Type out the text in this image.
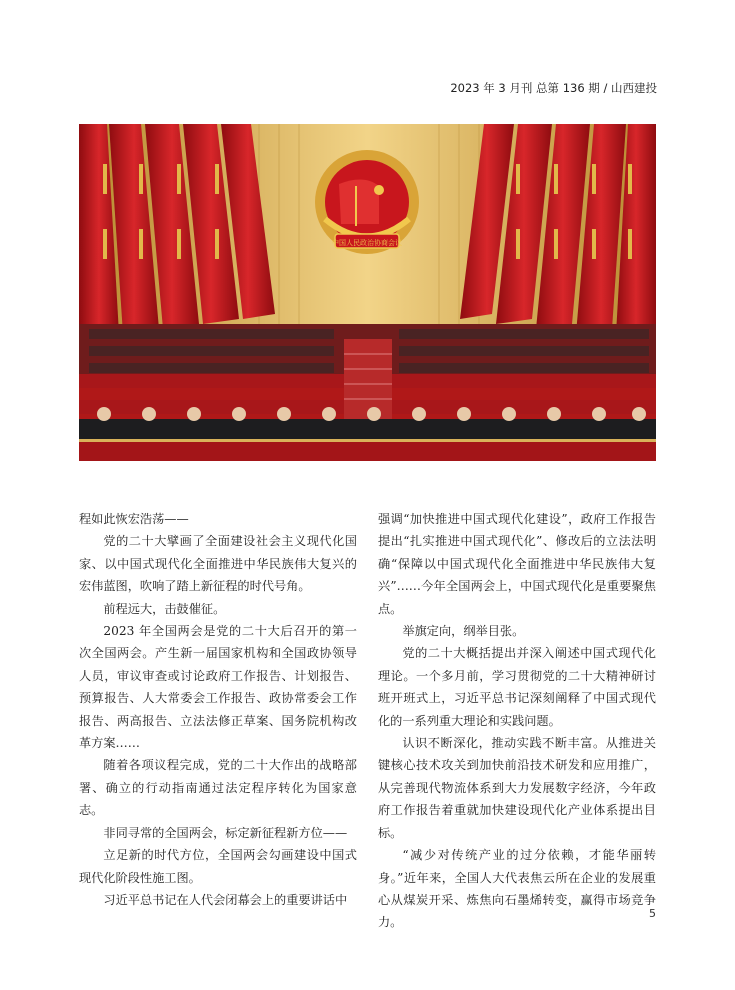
2023 年 3 月刊 总第 136 期 / 山西建投
中国人民政治协商会议

程如此恢宏浩荡——

党的二十大擘画了全面建设社会主义现代化国家、以中国式现代化全面推进中华民族伟大复兴的宏伟蓝图，吹响了踏上新征程的时代号角。

前程远大，击鼓催征。

2023 年全国两会是党的二十大后召开的第一次全国两会。产生新一届国家机构和全国政协领导人员，审议审查或讨论政府工作报告、计划报告、预算报告、人大常委会工作报告、政协常委会工作报告、两高报告、立法法修正草案、国务院机构改革方案……

随着各项议程完成，党的二十大作出的战略部署、确立的行动指南通过法定程序转化为国家意志。

非同寻常的全国两会，标定新征程新方位——

立足新的时代方位，全国两会勾画建设中国式现代化阶段性施工图。

习近平总书记在人代会闭幕会上的重要讲话中

强调“加快推进中国式现代化建设”，政府工作报告提出“扎实推进中国式现代化”、修改后的立法法明确“保障以中国式现代化全面推进中华民族伟大复兴”……今年全国两会上，中国式现代化是重要聚焦点。

举旗定向，纲举目张。

党的二十大概括提出并深入阐述中国式现代化理论。一个多月前，学习贯彻党的二十大精神研讨班开班式上，习近平总书记深刻阐释了中国式现代化的一系列重大理论和实践问题。

认识不断深化，推动实践不断丰富。从推进关键核心技术攻关到加快前沿技术研发和应用推广，从完善现代物流体系到大力发展数字经济，今年政府工作报告着重就加快建设现代化产业体系提出目标。

“减少对传统产业的过分依赖，才能华丽转身。”近年来，全国人大代表焦云所在企业的发展重心从煤炭开采、炼焦向石墨烯转变，赢得市场竞争力。

5
